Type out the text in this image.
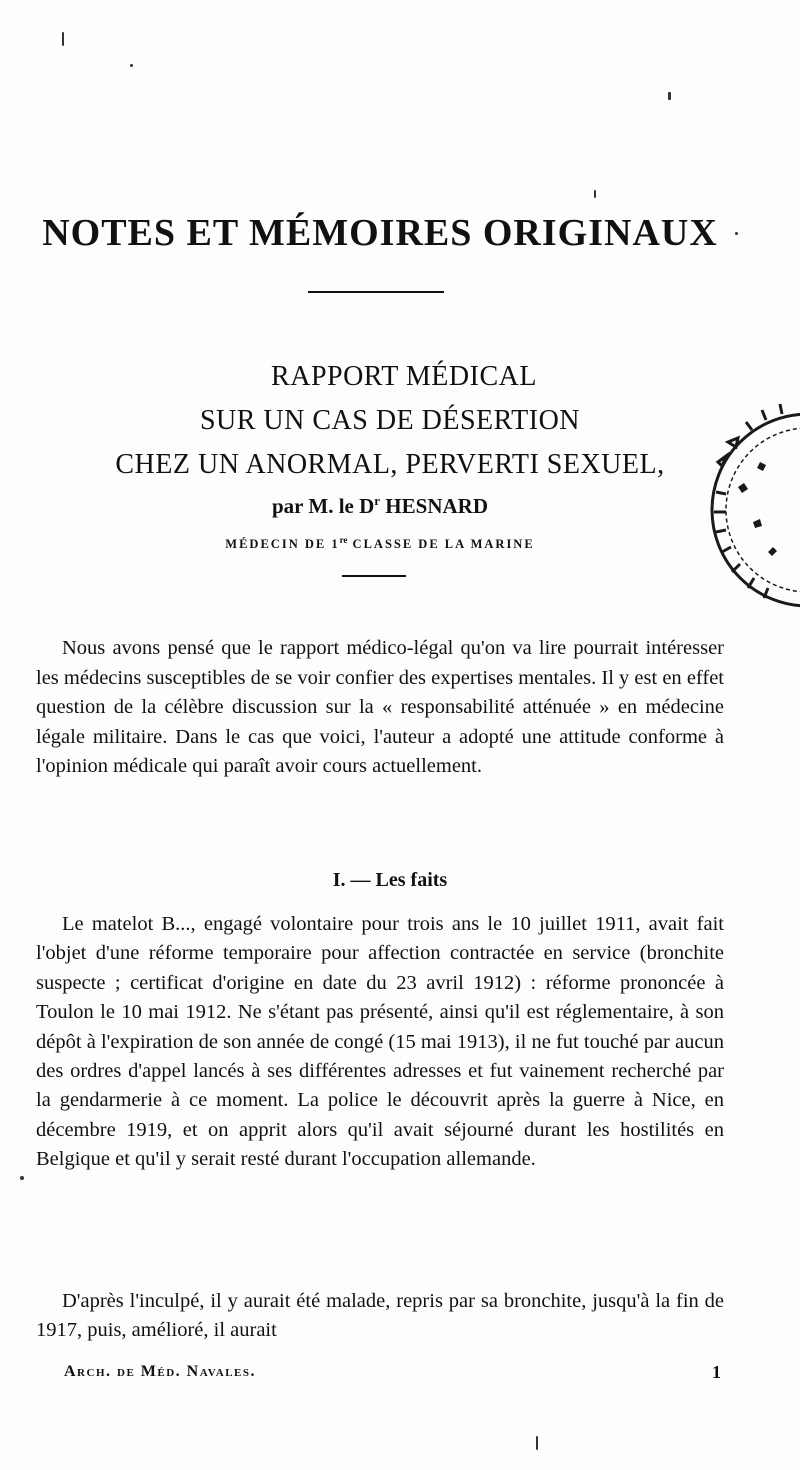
NOTES ET MÉMOIRES ORIGINAUX
RAPPORT MÉDICAL
SUR UN CAS DE DÉSERTION
CHEZ UN ANORMAL, PERVERTI SEXUEL,
par M. le $D^r$ HESNARD
MÉDECIN DE 1re CLASSE DE LA MARINE

Nous avons pensé que le rapport médico-légal qu'on va lire pourrait intéresser les médecins susceptibles de se voir confier des expertises mentales. Il y est en effet question de la célèbre discussion sur la « responsabilité atténuée » en médecine légale militaire. Dans le cas que voici, l'auteur a adopté une attitude conforme à l'opinion médicale qui paraît avoir cours actuellement.

I. — Les faits

Le matelot B..., engagé volontaire pour trois ans le 10 juillet 1911, avait fait l'objet d'une réforme temporaire pour affection contractée en service (bronchite suspecte ; certificat d'origine en date du 23 avril 1912) : réforme prononcée à Toulon le 10 mai 1912. Ne s'étant pas présenté, ainsi qu'il est réglementaire, à son dépôt à l'expiration de son année de congé (15 mai 1913), il ne fut touché par aucun des ordres d'appel lancés à ses différentes adresses et fut vainement recherché par la gendarmerie à ce moment. La police le découvrit après la guerre à Nice, en décembre 1919, et on apprit alors qu'il avait séjourné durant les hostilités en Belgique et qu'il y serait resté durant l'occupation allemande.

D'après l'inculpé, il y aurait été malade, repris par sa bronchite, jusqu'à la fin de 1917, puis, amélioré, il aurait

Arch. de Méd. Navales.	1
